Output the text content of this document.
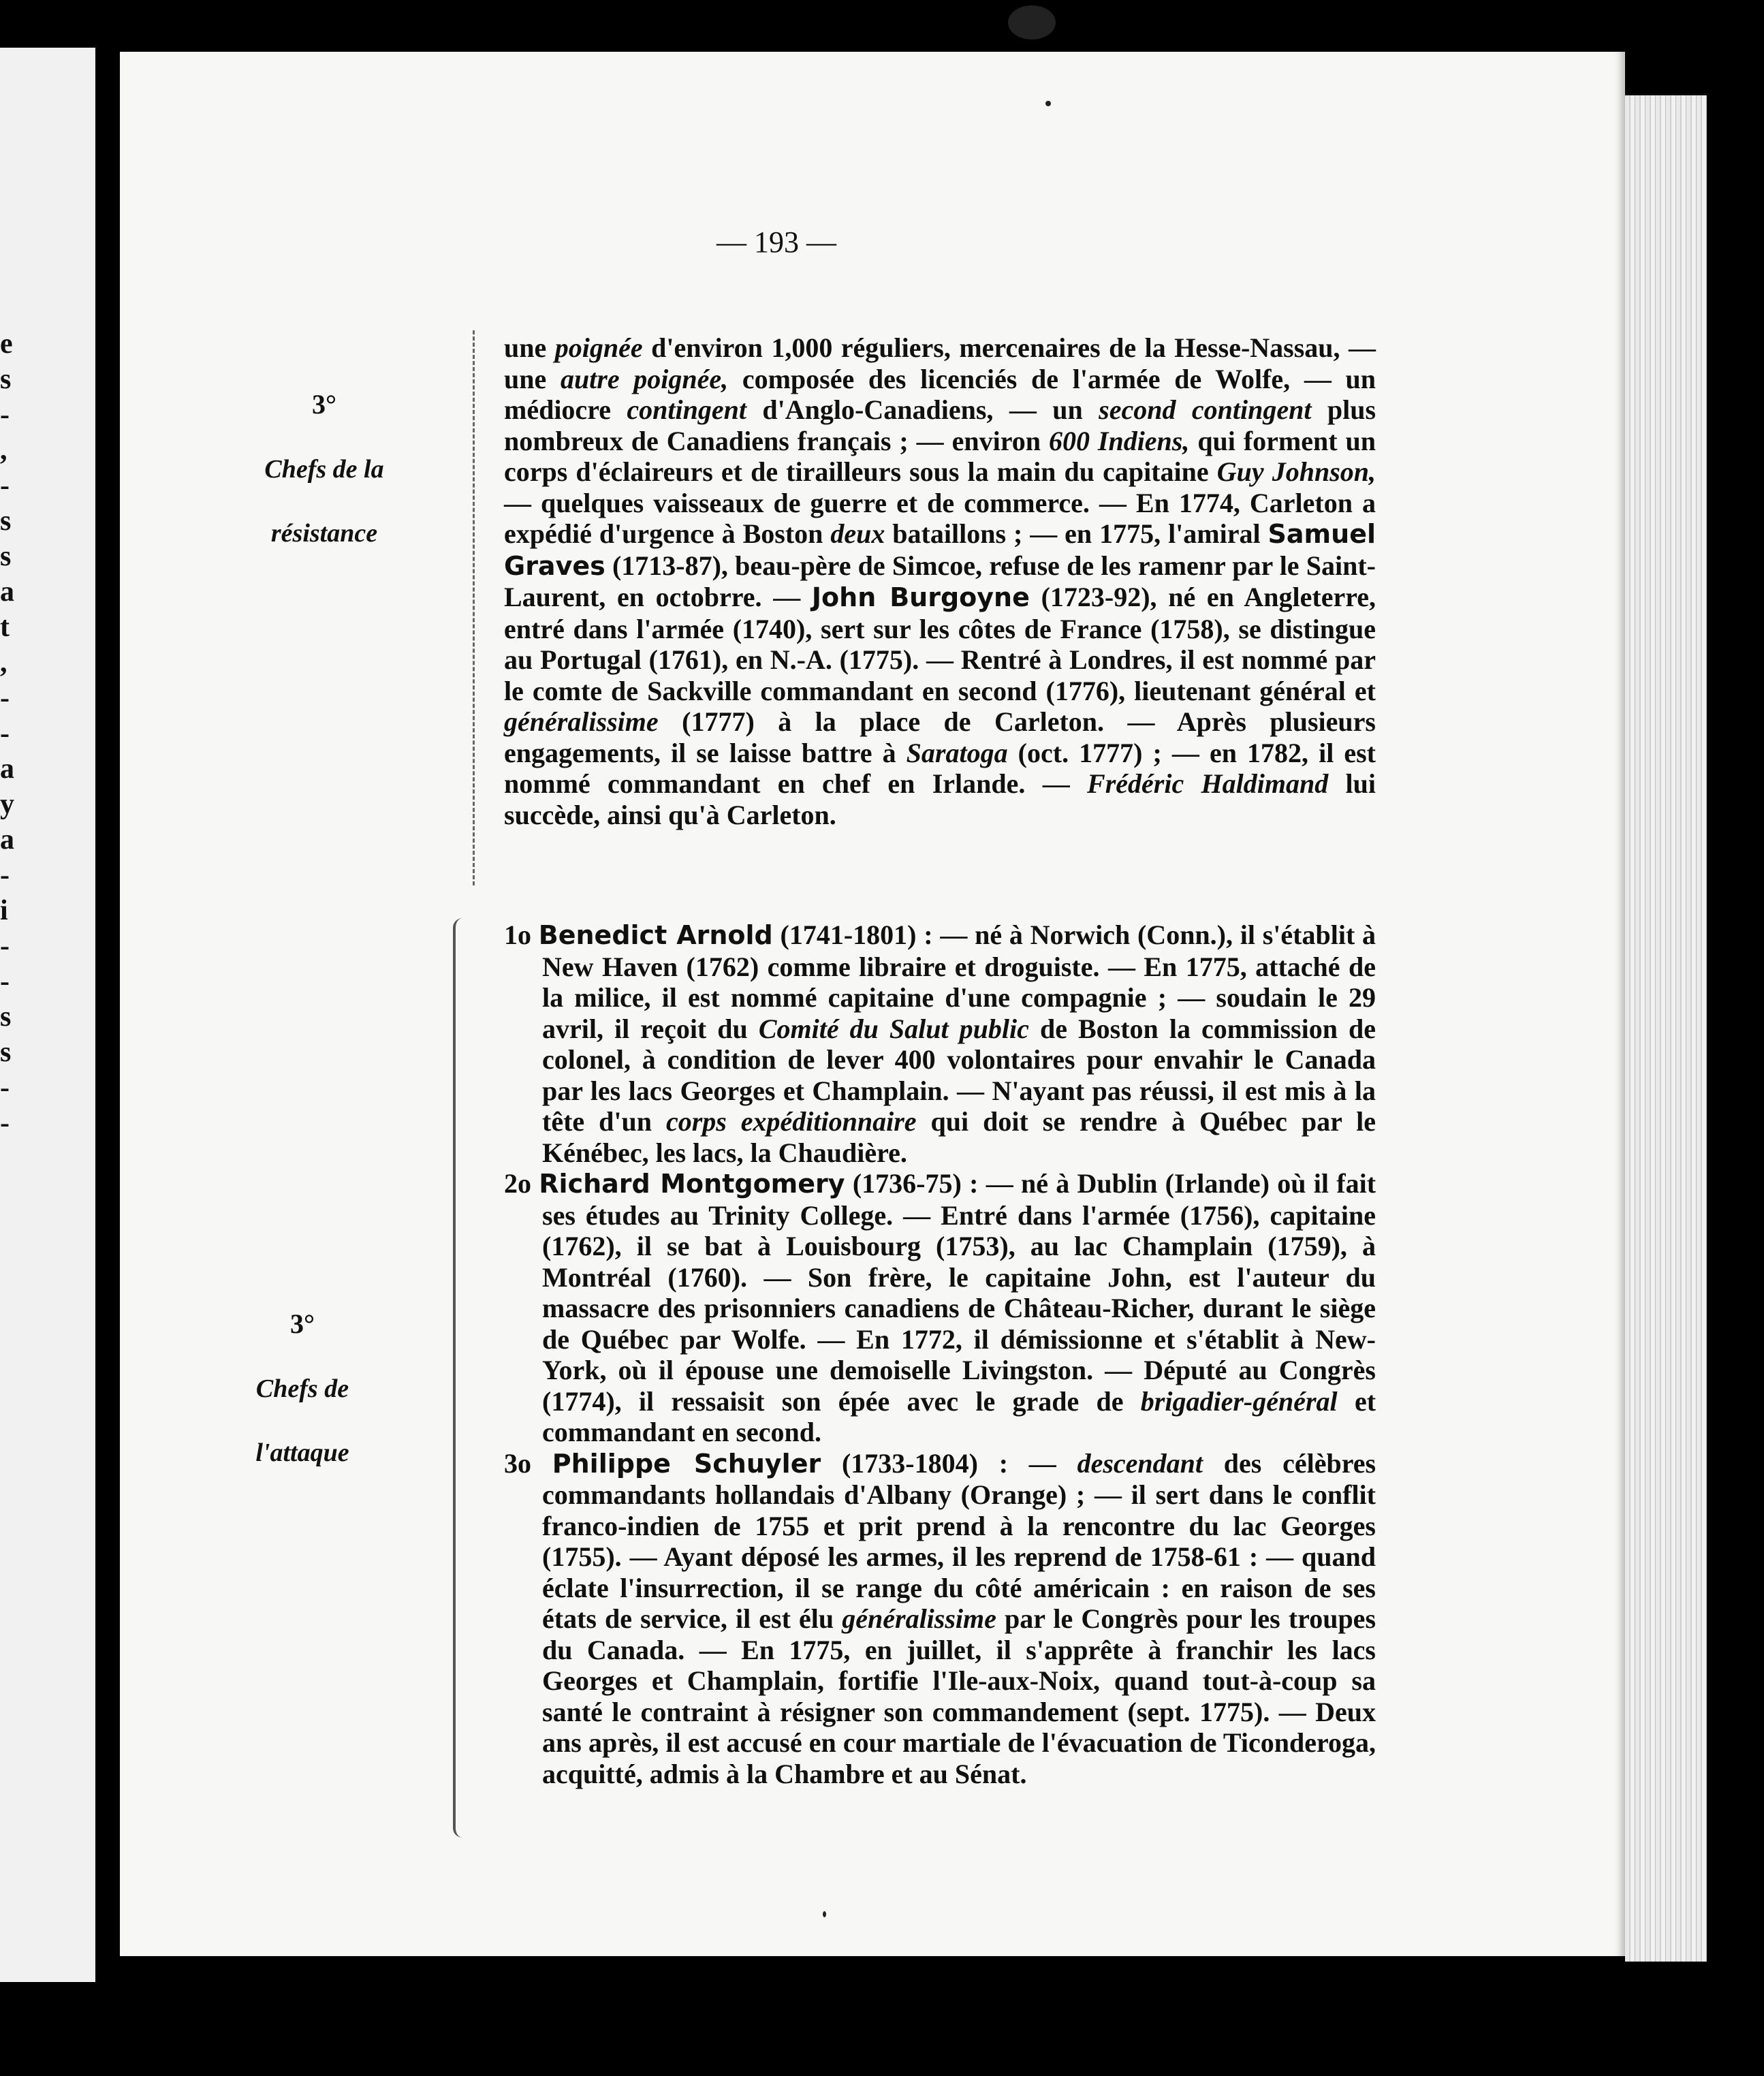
e
s
-
,
-
s
s
a
t
,
-
-
a
y
a
-
i
-
-
s
s
-
-
— 193 —
3°
Chefs de la
résistance
3°
Chefs de
l'attaque

une poignée d'environ 1,000 réguliers, mercenaires de la Hesse-Nassau, — une autre poignée, composée des licenciés de l'armée de Wolfe, — un médiocre contingent d'Anglo-Canadiens, — un second contingent plus nombreux de Canadiens français ; — environ 600 Indiens, qui forment un corps d'éclaireurs et de tirailleurs sous la main du capitaine Guy Johnson, — quelques vaisseaux de guerre et de commerce. — En 1774, Carleton a expédié d'urgence à Boston deux bataillons ; — en 1775, l'amiral Samuel Graves (1713-87), beau-père de Simcoe, refuse de les ramenr par le Saint-Laurent, en octobrre. — John Burgoyne (1723-92), né en Angleterre, entré dans l'armée (1740), sert sur les côtes de France (1758), se distingue au Portugal (1761), en N.-A. (1775). — Rentré à Londres, il est nommé par le comte de Sackville commandant en second (1776), lieutenant général et généralissime (1777) à la place de Carleton. — Après plusieurs engagements, il se laisse battre à Saratoga (oct. 1777) ; — en 1782, il est nommé commandant en chef en Irlande. — Frédéric Haldimand lui succède, ainsi qu'à Carleton.

1o Benedict Arnold (1741-1801) : — né à Norwich (Conn.), il s'établit à New Haven (1762) comme libraire et droguiste. — En 1775, attaché de la milice, il est nommé capitaine d'une compagnie ; — soudain le 29 avril, il reçoit du Comité du Salut public de Boston la commission de colonel, à condition de lever 400 volontaires pour envahir le Canada par les lacs Georges et Champlain. — N'ayant pas réussi, il est mis à la tête d'un corps expéditionnaire qui doit se rendre à Québec par le Kénébec, les lacs, la Chaudière.

2o Richard Montgomery (1736-75) : — né à Dublin (Irlande) où il fait ses études au Trinity College. — Entré dans l'armée (1756), capitaine (1762), il se bat à Louisbourg (1753), au lac Champlain (1759), à Montréal (1760). — Son frère, le capitaine John, est l'auteur du massacre des prisonniers canadiens de Château-Richer, durant le siège de Québec par Wolfe. — En 1772, il démissionne et s'établit à New-York, où il épouse une demoiselle Livingston. — Député au Congrès (1774), il ressaisit son épée avec le grade de brigadier-général et commandant en second.

3o Philippe Schuyler (1733-1804) : — descendant des célèbres commandants hollandais d'Albany (Orange) ; — il sert dans le conflit franco-indien de 1755 et prit prend à la rencontre du lac Georges (1755). — Ayant déposé les armes, il les reprend de 1758-61 : — quand éclate l'insurrection, il se range du côté américain : en raison de ses états de service, il est élu généralissime par le Congrès pour les troupes du Canada. — En 1775, en juillet, il s'apprête à franchir les lacs Georges et Champlain, fortifie l'Ile-aux-Noix, quand tout-à-coup sa santé le contraint à résigner son commandement (sept. 1775). — Deux ans après, il est accusé en cour martiale de l'évacuation de Ticonderoga, acquitté, admis à la Chambre et au Sénat.
